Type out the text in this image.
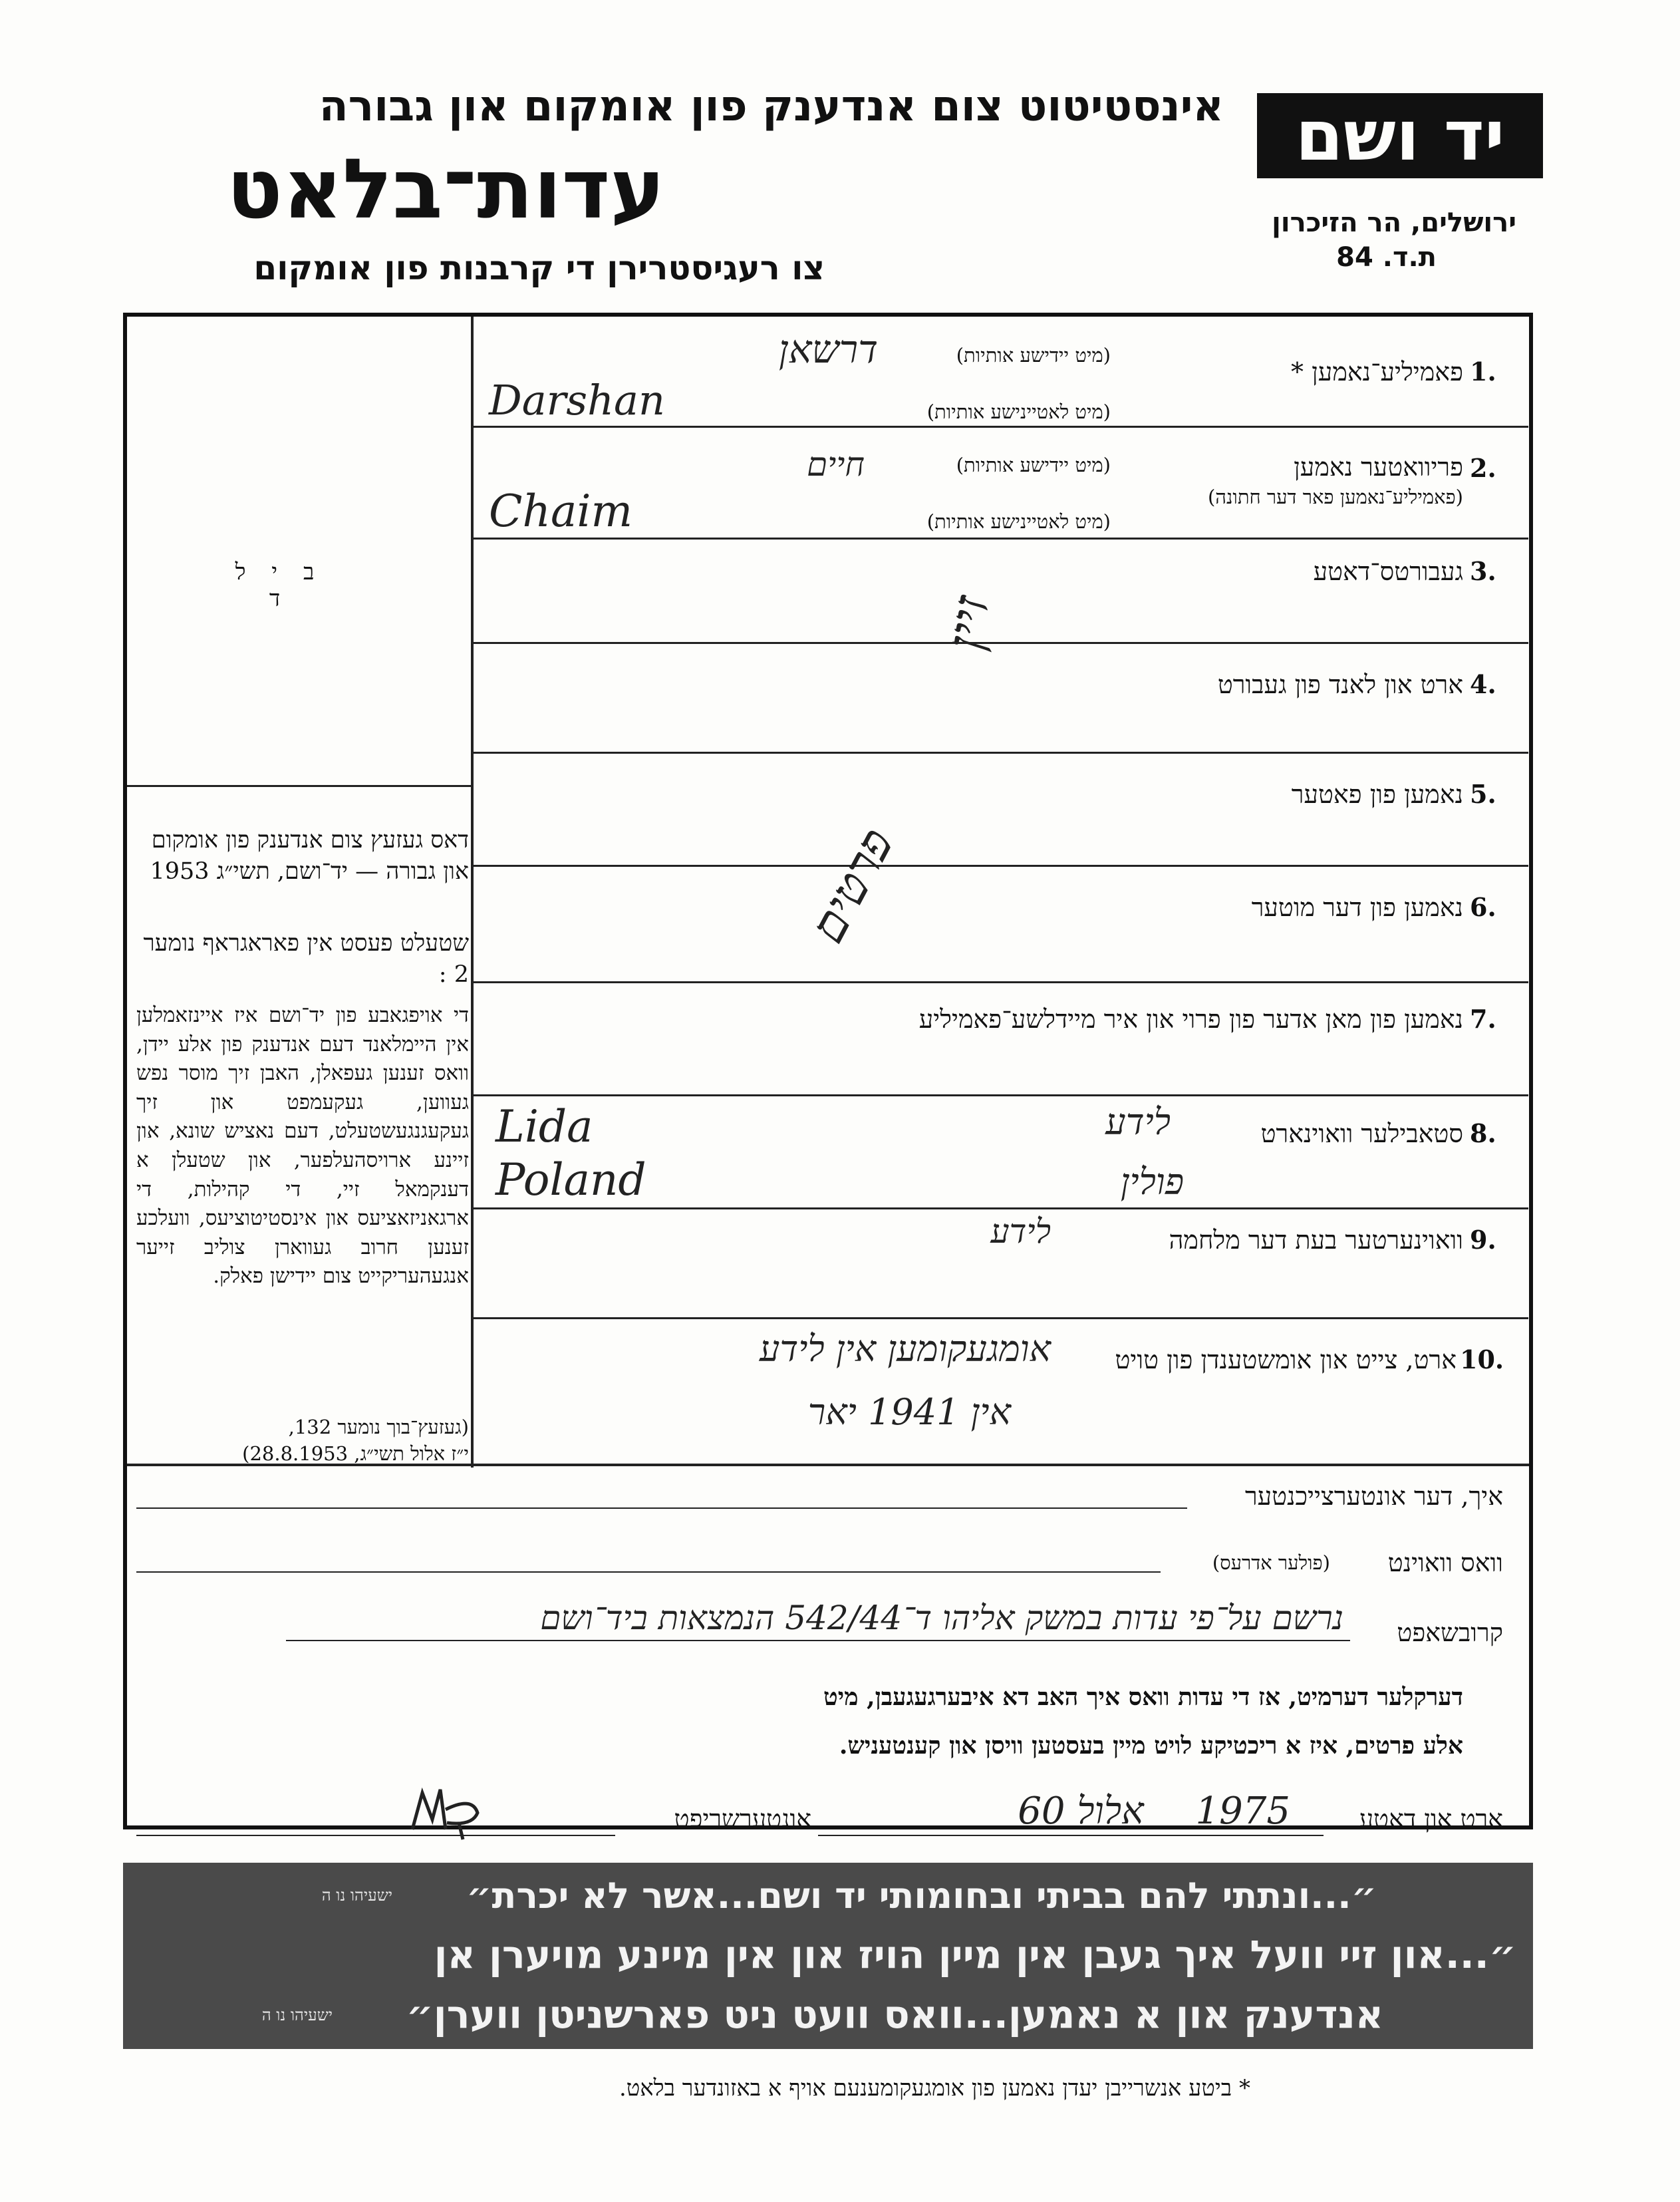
יד ושם
אינסטיטוט צום אנדענק פון אומקום און גבורה
עדות־בלאט
צו רעגיסטרירן די קרבנות פון אומקום
ירושלים, הר הזיכרון
ת.ד. 84
ב י ל ד
דאס געזעץ צום אנדענק פון אומקום און גבורה — יד־ושם, תשי״ג 1953
שטעלט פעסט אין פאראגראף נומער 2 :
די אויפגאבע פון יד־ושם איז איינזאמלען אין היימלאנד דעם אנדענק פון אלע יידן, וואס זענען געפאלן, האבן זיך מוסר נפש געווען, געקעמפט און זיך געקעגנגעשטעלט, דעם נאציש שונא, און זיינע ארויסהעלפער, און שטעלן א דענקמאל זיי, די קהילות, די ארגאניזאציעס און אינסטיטוציעס, וועלכע זענען חרוב געווארן צוליב זייער אנגעהעריקייט צום יידישן פאלק.
(געזעץ־בוך נומער 132,
י״ז אלול תשי״ג, 28.8.1953)
1.
פאמיליע־נאמען *
(מיט יידישע אותיות)
(מיט לאטיינישע אותיות)
דרשאן
Darshan
2.
פריוואטער נאמען
(פאמיליע־נאמען פאר דער חתונה)
(מיט יידישע אותיות)
(מיט לאטיינישע אותיות)
חיים
Chaim
3.
געבורטס־דאטע
4.
ארט און לאנד פון געבורט
5.
נאמען פון פאטער
6.
נאמען פון דער מוטער
7.
נאמען פון מאן אדער פון פרוי און איר מיידלשע־פאמיליע
8.
סטאבילער וואוינארט
Lida
Poland
לידע
פולין
9.
וואוינערטער בעת דער מלחמה
לידע
10.
ארט, צייט און אומשטענדן פון טויט
אומגעקומען אין לידע
אין 1941 יאר
זיין
פרטים
איך, דער אונטערצייכנטער
וואס וואוינט
(פולער אדרעס)
קרובשאפט
נרשם על־פי עדות במשק אליהו ד־542/44 הנמצאות ביד־ושם
דערקלער דערמיט, אז די עדות וואס איך האב דא איבערגעגעבן, מיט
אלע פרטים, איז א ריכטיקע לויט מיין בעסטען וויסן און קענטעניש.
ארט און דאטע
1975 אלול 60
אונטערשריפט
״...ונתתי להם בביתי ובחומותי יד ושם...אשר לא יכרת״
ישעיהו נו ה
״...און זיי וועל איך געבן אין מיין הויז און אין מיינע מויערן אן
אנדענק און א נאמען...וואס וועט ניט פארשניטן ווערן״
ישעיהו נו ה
* ביטע אנשרייבן יעדן נאמען פון אומגעקומענעם אויף א באזונדער בלאט.
